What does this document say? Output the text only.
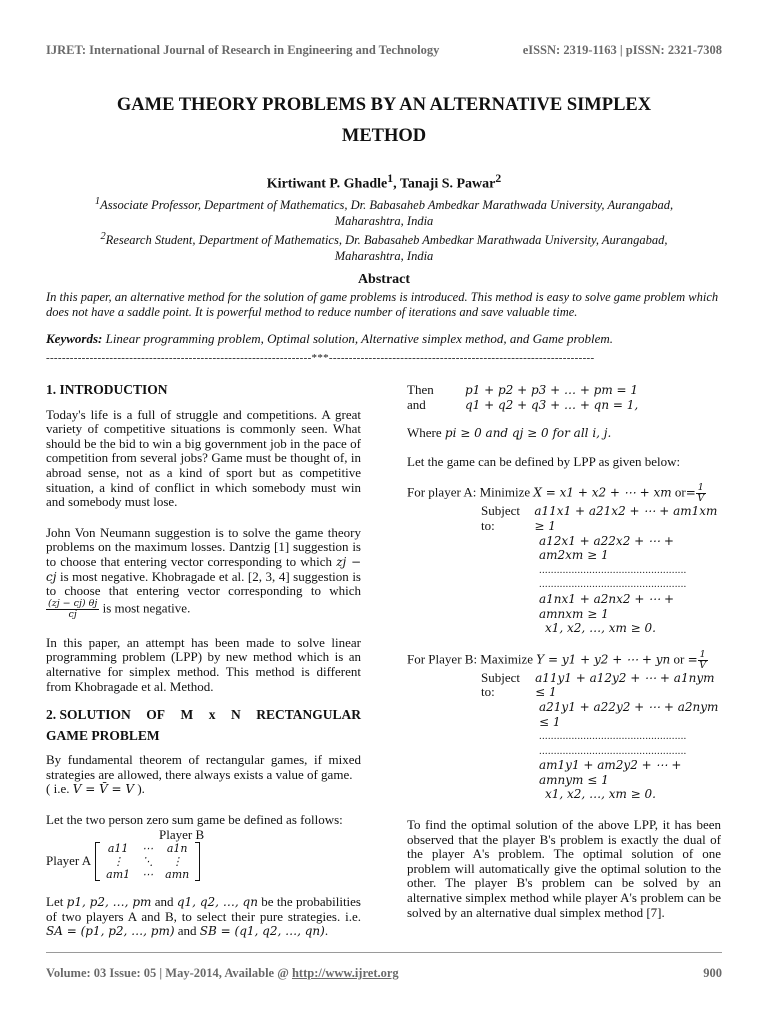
IJRET: International Journal of Research in Engineering and Technology	eISSN: 2319-1163 | pISSN: 2321-7308
GAME THEORY PROBLEMS BY AN ALTERNATIVE SIMPLEX
METHOD
Kirtiwant P. Ghadle$^1$, Tanaji S. Pawar$^2$
$^1$Associate Professor, Department of Mathematics, Dr. Babasaheb Ambedkar Marathwada University, Aurangabad,
Maharashtra, India
$^2$Research Student, Department of Mathematics, Dr. Babasaheb Ambedkar Marathwada University, Aurangabad,
Maharashtra, India
Abstract
In this paper, an alternative method for the solution of game problems is introduced. This method is easy to solve game problem which does not have a saddle point. It is powerful method to reduce number of iterations and save valuable time.
Keywords: Linear programming problem, Optimal solution, Alternative simplex method, and Game problem.
-------------------------------------------------------------------***-------------------------------------------------------------------
1. INTRODUCTION

Today's life is a full of struggle and competitions. A great variety of competitive situations is commonly seen. What should be the bid to win a big government job in the pace of competition from several jobs? Game must be thought of, in abroad sense, not as a kind of sport but as competitive situation, a kind of conflict in which somebody must win and somebody must lose.

John Von Neumann suggestion is to solve the game theory problems on the maximum losses. Dantzig [1] suggestion is to choose that entering vector corresponding to which zj − cj is most negative. Khobragade et al. [2, 3, 4] suggestion is to choose that entering vector corresponding to which
$\frac{(zj - cj) \theta j}{cj}$ is most negative.

In this paper, an attempt has been made to solve linear programming problem (LPP) by new method which is an alternative for simplex method. This method is different from Khobragade et al. Method.

2. SOLUTION OF M x N RECTANGULAR
GAME PROBLEM

By fundamental theorem of rectangular games, if mixed strategies are allowed, there always exists a value of game.
( i.e. V = V̄ = V ).

Let the two person zero sum game be defined as follows:

Player B
Player A
a11	⋯	a1n
⋮	⋱	⋮
am1	⋯	amn

Let p1, p2, …, pm and q1, q2, …, qn be the probabilities of two players A and B, to select their pure strategies. i.e. SA = (p1, p2, …, pm) and SB = (q1, q2, …, qn).

Then	p1 + p2 + p3 + … + pm = 1
and	q1 + q2 + q3 + … + qn = 1,
Where pi ≥ 0 and qj ≥ 0 for all i, j.

Let the game can be defined by LPP as given below:

For player A: Minimize X = x1 + x2 + ⋯ + xm $or= \frac{1}{V}$
Subject to:

a11x1 + a21x2 + ⋯ + am1xm ≥ 1
a12x1 + a22x2 + ⋯ + am2xm ≥ 1
..................................................
..................................................
a1nx1 + a2nx2 + ⋯ + amnxm ≥ 1
x1, x2, …, xm ≥ 0.
For Player B: Maximize Y = y1 + y2 + ⋯ + yn or = $\frac{1}{V}$
Subject to:

a11y1 + a12y2 + ⋯ + a1nym ≤ 1
a21y1 + a22y2 + ⋯ + a2nym ≤ 1
..................................................
..................................................
am1y1 + am2y2 + ⋯ + amnym ≤ 1
x1, x2, …, xm ≥ 0.

To find the optimal solution of the above LPP, it has been observed that the player B's problem is exactly the dual of the player A's problem. The optimal solution of one problem will automatically give the optimal solution to the other. The player B's problem can be solved by an alternative simplex method while player A's problem can be solved by an alternative dual simplex method [7].

Volume: 03 Issue: 05 | May-2014, Available @ http://www.ijret.org	900
